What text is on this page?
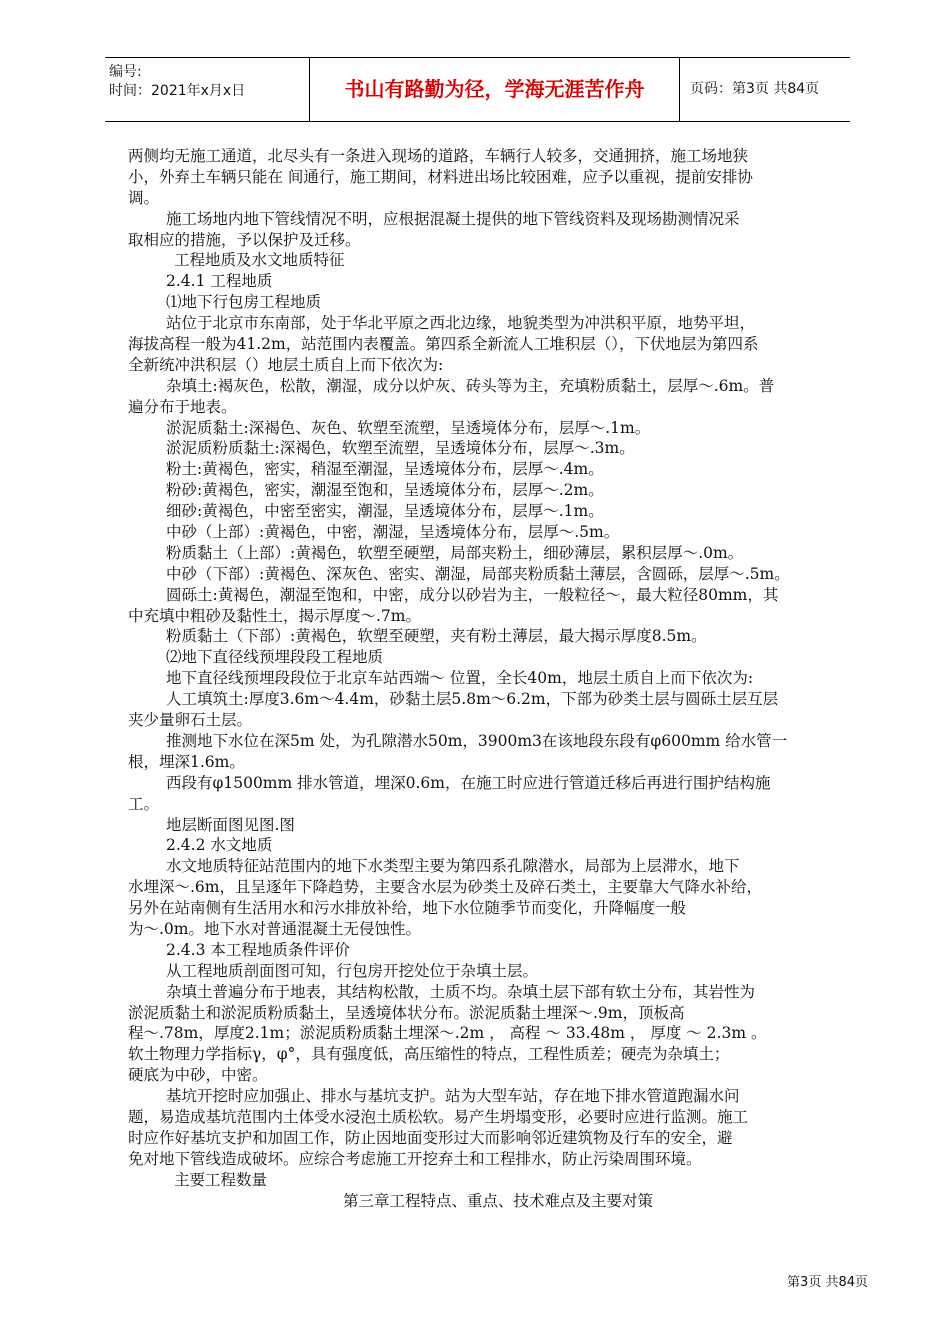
编号:
时间：2021年x月x日	书山有路勤为径，学海无涯苦作舟	页码：第3页 共84页
两侧均无施工通道，北尽头有一条进入现场的道路，车辆行人较多，交通拥挤，施工场地狭
小，外弃土车辆只能在 间通行，施工期间，材料进出场比较困难，应予以重视，提前安排协
调。
施工场地内地下管线情况不明，应根据混凝土提供的地下管线资料及现场勘测情况采
取相应的措施，予以保护及迁移。
工程地质及水文地质特征
2.4.1 工程地质
⑴地下行包房工程地质
站位于北京市东南部，处于华北平原之西北边缘，地貌类型为冲洪积平原，地势平坦，
海拔高程一般为41.2m，站范围内表覆盖。第四系全新流人工堆积层（），下伏地层为第四系
全新统冲洪积层（）地层土质自上而下依次为:
杂填土:褐灰色，松散，潮湿，成分以炉灰、砖头等为主，充填粉质黏土，层厚～.6m。普
遍分布于地表。
淤泥质黏土:深褐色、灰色、软塑至流塑，呈透境体分布，层厚～.1m。
淤泥质粉质黏土:深褐色，软塑至流塑，呈透境体分布，层厚～.3m。
粉土:黄褐色，密实，稍湿至潮湿，呈透境体分布，层厚～.4m。
粉砂:黄褐色，密实，潮湿至饱和，呈透境体分布，层厚～.2m。
细砂:黄褐色，中密至密实，潮湿，呈透境体分布，层厚～.1m。
中砂（上部）:黄褐色，中密，潮湿，呈透境体分布，层厚～.5m。
粉质黏土（上部）:黄褐色，软塑至硬塑，局部夹粉土，细砂薄层，累积层厚～.0m。
中砂（下部）:黄褐色、深灰色、密实、潮湿，局部夹粉质黏土薄层，含圆砾，层厚～.5m。
圆砾土:黄褐色，潮湿至饱和，中密，成分以砂岩为主，一般粒径～，最大粒径80mm，其
中充填中粗砂及黏性土，揭示厚度～.7m。
粉质黏土（下部）:黄褐色，软塑至硬塑，夹有粉土薄层，最大揭示厚度8.5m。
⑵地下直径线预埋段段工程地质
地下直径线预埋段段位于北京车站西端～ 位置，全长40m，地层土质自上而下依次为:
人工填筑土:厚度3.6m～4.4m，砂黏土层5.8m～6.2m，下部为砂类土层与圆砾土层互层
夹少量卵石土层。
推测地下水位在深5m 处，为孔隙潜水50m，3900m3在该地段东段有φ600mm 给水管一
根，埋深1.6m。
西段有φ1500mm 排水管道，埋深0.6m，在施工时应进行管道迁移后再进行围护结构施
工。
地层断面图见图.图
2.4.2 水文地质
水文地质特征站范围内的地下水类型主要为第四系孔隙潜水，局部为上层滞水，地下
水埋深～.6m，且呈逐年下降趋势，主要含水层为砂类土及碎石类土，主要靠大气降水补给，
另外在站南侧有生活用水和污水排放补给，地下水位随季节而变化，升降幅度一般
为～.0m。地下水对普通混凝土无侵蚀性。
2.4.3 本工程地质条件评价
从工程地质剖面图可知，行包房开挖处位于杂填土层。
杂填土普遍分布于地表，其结构松散，土质不均。杂填土层下部有软土分布，其岩性为
淤泥质黏土和淤泥质粉质黏土，呈透境体状分布。淤泥质黏土埋深～.9m，顶板高
程～.78m，厚度2.1m；淤泥质粉质黏土埋深～.2m ， 高程 ～ 33.48m ， 厚度 ～ 2.3m 。
软土物理力学指标γ，φ°，具有强度低，高压缩性的特点，工程性质差；硬壳为杂填土；
硬底为中砂，中密。
基坑开挖时应加强止、排水与基坑支护。站为大型车站，存在地下排水管道跑漏水问
题，易造成基坑范围内土体受水浸泡土质松软。易产生坍塌变形，必要时应进行监测。施工
时应作好基坑支护和加固工作，防止因地面变形过大而影响邻近建筑物及行车的安全，避
免对地下管线造成破坏。应综合考虑施工开挖弃土和工程排水，防止污染周围环境。
主要工程数量
第三章工程特点、重点、技术难点及主要对策
第3页 共84页
